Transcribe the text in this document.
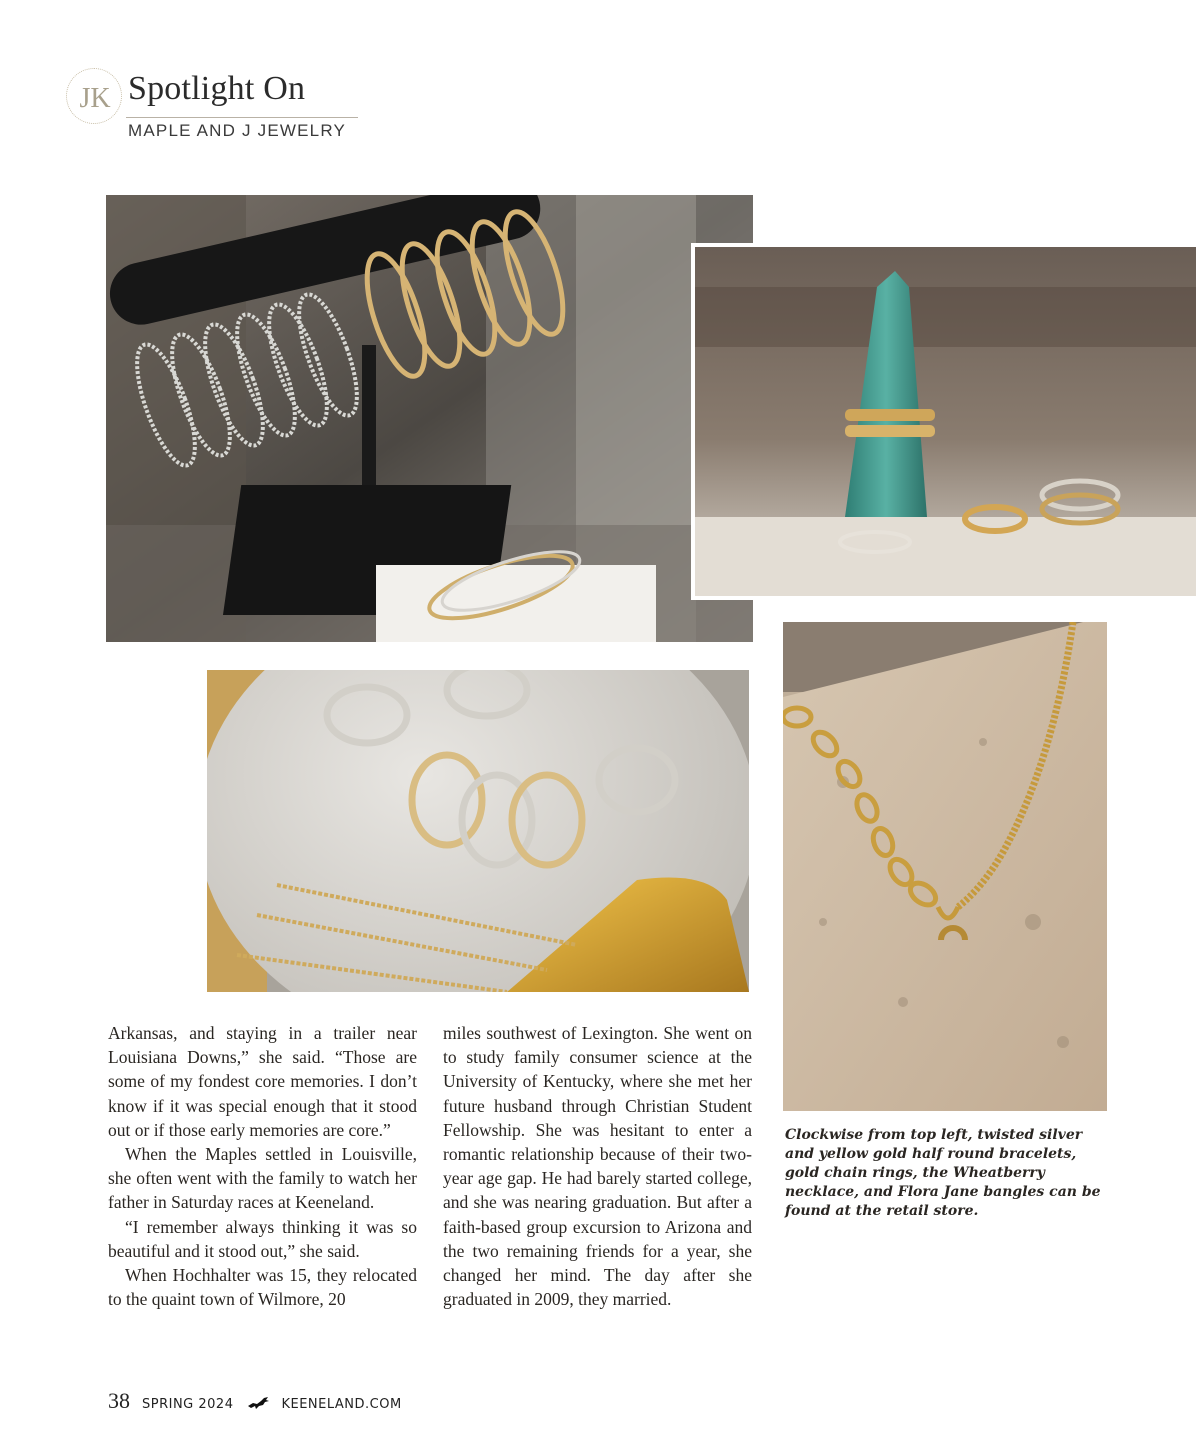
JK Spotlight On
MAPLE AND J JEWELRY
Clockwise from top left, twisted silver and yellow gold half round bracelets, gold chain rings, the Wheatberry necklace, and Flora Jane bangles can be found at the retail store.

Arkansas, and staying in a trailer near Louisiana Downs,” she said. “Those are some of my fondest core memories. I don’t know if it was special enough that it stood out or if those early memories are core.”

When the Maples settled in Louisville, she often went with the family to watch her father in Saturday races at Keeneland.

“I remember always thinking it was so beautiful and it stood out,” she said.

When Hochhalter was 15, they relocated to the quaint town of Wilmore, 20

miles southwest of Lexington. She went on to study family consumer science at the University of Kentucky, where she met her future husband through Christian Student Fellowship. She was hesitant to enter a romantic relationship because of their two-year age gap. He had barely started college, and she was nearing graduation. But after a faith-based group excursion to Arizona and the two remaining friends for a year, she changed her mind. The day after she graduated in 2009, they married.

38 SPRING 2024	KEENELAND.COM
